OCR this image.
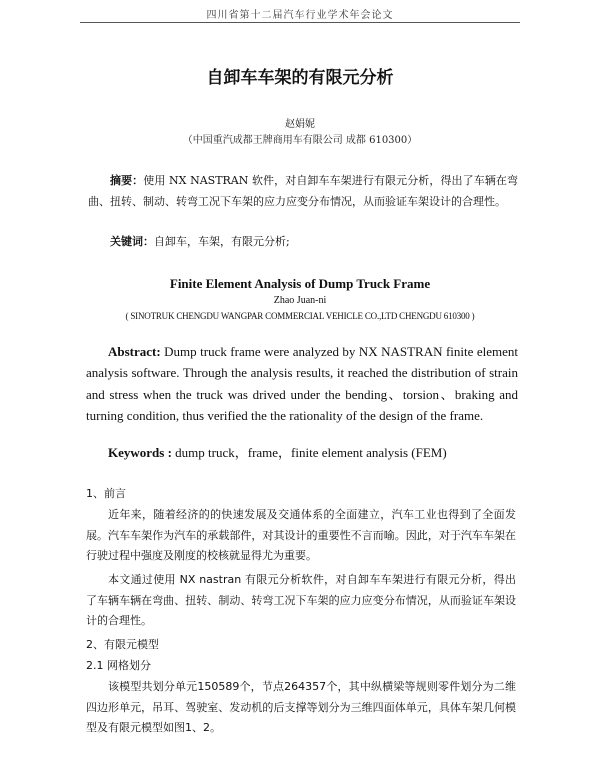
四川省第十二届汽车行业学术年会论文
自卸车车架的有限元分析
赵娟妮
（中国重汽成都王牌商用车有限公司 成都 610300）

摘要：使用 NX NASTRAN 软件，对自卸车车架进行有限元分析，得出了车辆在弯曲、扭转、制动、转弯工况下车架的应力应变分布情况，从而验证车架设计的合理性。

关键词：自卸车，车架，有限元分析;

Finite Element Analysis of Dump Truck Frame
Zhao Juan-ni
( SINOTRUK CHENGDU WANGPAR COMMERCIAL VEHICLE CO.,LTD CHENGDU 610300 )

Abstract: Dump truck frame were analyzed by NX NASTRAN finite element analysis software. Through the analysis results, it reached the distribution of strain and stress when the truck was drived under the bending、torsion、braking and turning condition, thus verified the the rationality of the design of the frame.

Keywords : dump truck，frame，finite element analysis (FEM)

1、前言

近年来，随着经济的的快速发展及交通体系的全面建立，汽车工业也得到了全面发展。汽车车架作为汽车的承载部件，对其设计的重要性不言而喻。因此，对于汽车车架在行驶过程中强度及刚度的校核就显得尤为重要。

本文通过使用 NX nastran 有限元分析软件，对自卸车车架进行有限元分析，得出了车辆车辆在弯曲、扭转、制动、转弯工况下车架的应力应变分布情况，从而验证车架设计的合理性。

2、有限元模型

2.1 网格划分

该模型共划分单元150589个，节点264357个，其中纵横梁等规则零件划分为二维四边形单元，吊耳、驾驶室、发动机的后支撑等划分为三维四面体单元，具体车架几何模型及有限元模型如图1、2。
